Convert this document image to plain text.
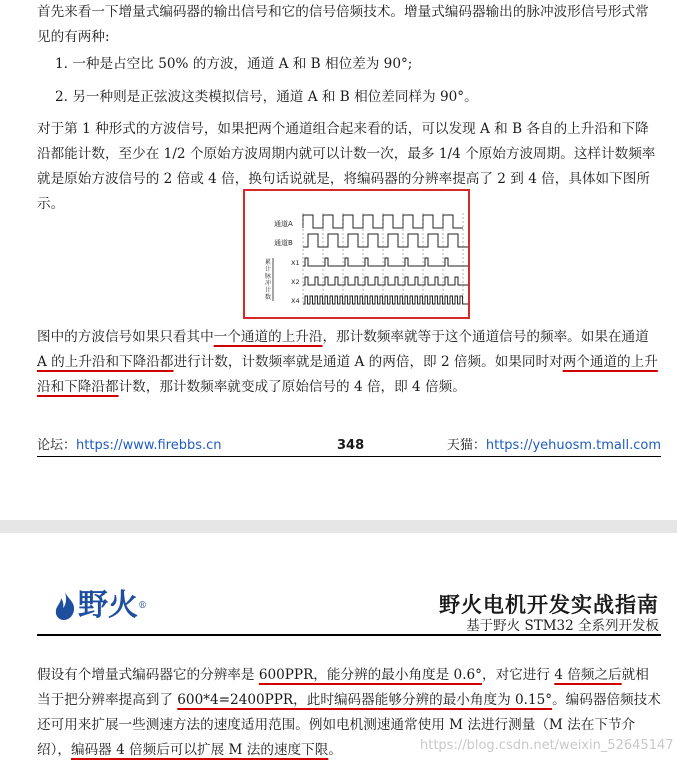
首先来看一下增量式编码器的输出信号和它的信号倍频技术。增量式编码器输出的脉冲波形信号形式常见的有两种:

1. 一种是占空比 50% 的方波，通道 A 和 B 相位差为 90°;

2. 另一种则是正弦波这类模拟信号，通道 A 和 B 相位差同样为 90°。

对于第 1 种形式的方波信号，如果把两个通道组合起来看的话，可以发现 A 和 B 各自的上升沿和下降沿都能计数，至少在 1/2 个原始方波周期内就可以计数一次，最多 1/4 个原始方波周期。这样计数频率就是原始方波信号的 2 倍或 4 倍，换句话说就是，将编码器的分辨率提高了 2 到 4 倍，具体如下图所示。

通道A
通道B
累
计
脉
冲
计
数
X1
X2
X4

图中的方波信号如果只看其中一个通道的上升沿，那计数频率就等于这个通道信号的频率。如果在通道 A 的上升沿和下降沿都进行计数，计数频率就是通道 A 的两倍，即 2 倍频。如果同时对两个通道的上升沿和下降沿都计数，那计数频率就变成了原始信号的 4 倍，即 4 倍频。

论坛：https://www.firebbs.cn	348	天猫：https://yehuosm.tmall.com
野火 ®	野火电机开发实战指南
基于野火 STM32 全系列开发板

假设有个增量式编码器它的分辨率是 600PPR，能分辨的最小角度是 0.6°，对它进行 4 倍频之后就相当于把分辨率提高到了 600*4=2400PPR，此时编码器能够分辨的最小角度为 0.15°。编码器倍频技术还可用来扩展一些测速方法的速度适用范围。例如电机测速通常使用 M 法进行测量（M 法在下节介绍），编码器 4 倍频后可以扩展 M 法的速度下限。	https://blog.csdn.net/weixin_52645147
